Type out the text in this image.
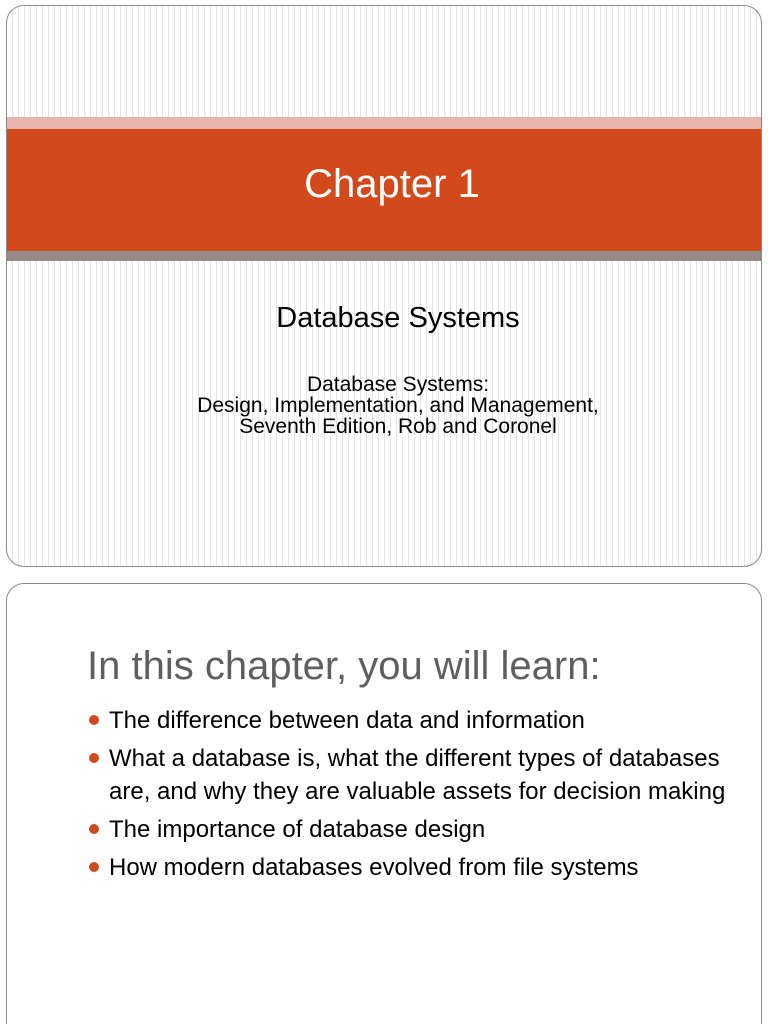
Chapter 1
Database Systems
Database Systems:
Design, Implementation, and Management,
Seventh Edition, Rob and Coronel
In this chapter, you will learn:
The difference between data and information
What a database is, what the different types of databases are, and why they are valuable assets for decision making
The importance of database design
How modern databases evolved from file systems
